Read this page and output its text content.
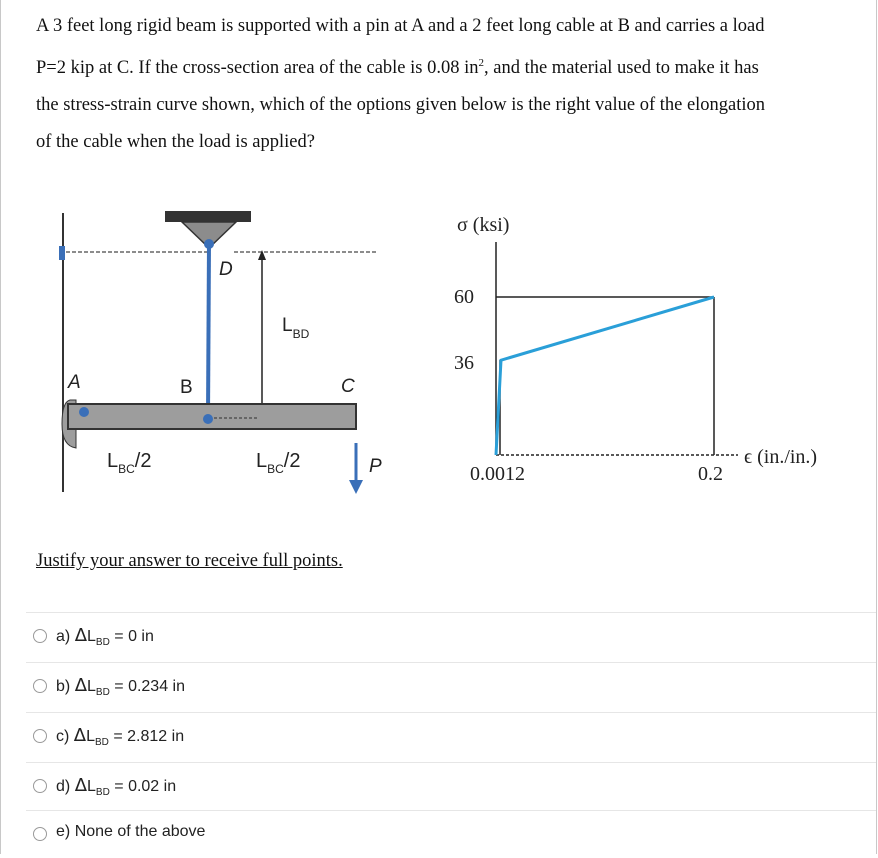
A 3 feet long rigid beam is supported with a pin at A and a 2 feet long cable at B and carries a load
P=2 kip at C. If the cross-section area of the cable is 0.08 $in^2$, and the material used to make it has
the stress-strain curve shown, which of the options given below is the right value of the elongation
of the cable when the load is applied?
D
$L_{BD}$
A	B	C
P
$L_{BC}/2$	$L_{BC}/2$
σ (ksi)
60
36
0.0012	0.2
ϵ (in./in.)
Justify your answer to receive full points.
a) $\Delta L_{BD} = 0$ in
b) $\Delta L_{BD} = 0.234$ in
c) $\Delta L_{BD} = 2.812$ in
d) $\Delta L_{BD} = 0.02$ in
e) None of the above
